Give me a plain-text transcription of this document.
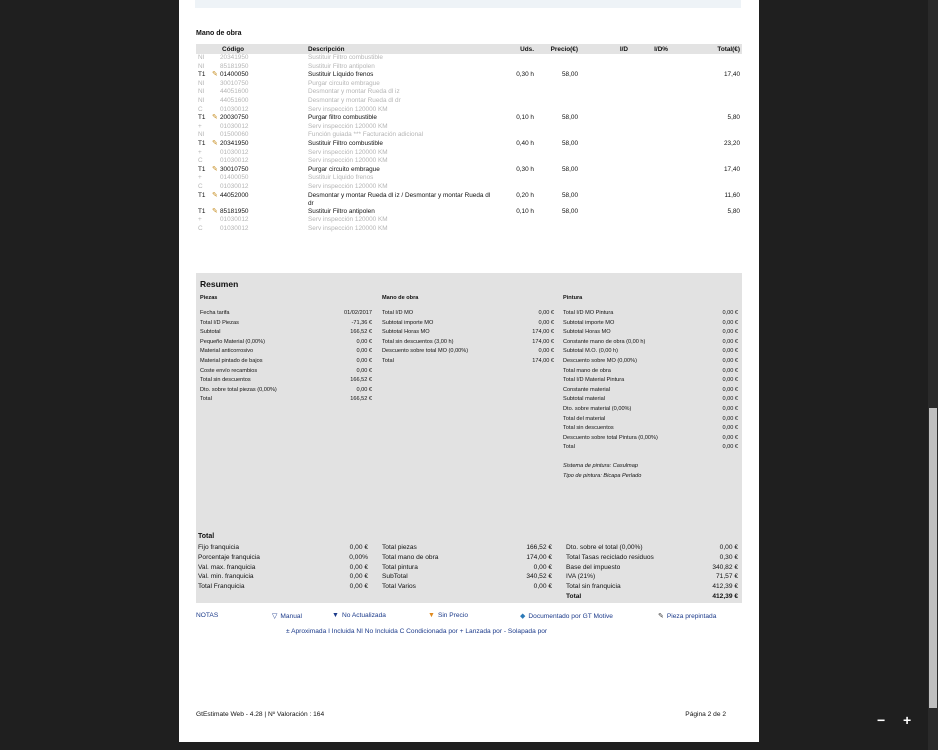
Mano de obra
	Código	Descripción	Uds.	Precio(€)	I/D	I/D%	Total(€)
NI	20341950	Sustituir Filtro combustible					
NI	85181950	Sustituir Filtro antipolen					
T1	✎ 01400050	Sustituir Líquido frenos	0,30 h	58,00			17,40
NI	30010750	Purgar circuito embrague					
NI	44051600	Desmontar y montar Rueda dl iz					
NI	44051600	Desmontar y montar Rueda dl dr					
C	01030012	Serv inspección 120000 KM					
T1	✎ 20030750	Purgar filtro combustible	0,10 h	58,00			5,80
+	01030012	Serv inspección 120000 KM					
NI	01500060	Función guiada *** Facturación adicional					
T1	✎ 20341950	Sustituir Filtro combustible	0,40 h	58,00			23,20
+	01030012	Serv inspección 120000 KM					
C	01030012	Serv inspección 120000 KM					
T1	✎ 30010750	Purgar circuito embrague	0,30 h	58,00			17,40
+	01400050	Sustituir Líquido frenos					
C	01030012	Serv inspección 120000 KM					
T1	✎ 44052000	Desmontar y montar Rueda dl iz / Desmontar y montar Rueda dl dr	0,20 h	58,00			11,60
T1	✎ 85181950	Sustituir Filtro antipolen	0,10 h	58,00			5,80
+	01030012	Serv inspección 120000 KM					
C	01030012	Serv inspección 120000 KM					
Resumen
Piezas
Fecha tarifa	01/02/2017
Total I/D Piezas	-71,36 €
Subtotal	166,52 €
Pequeño Material (0,00%)	0,00 €
Material anticorrosivo	0,00 €
Material pintado de bajos	0,00 €
Coste envío recambios	0,00 €
Total sin descuentos	166,52 €
Dto. sobre total piezas (0,00%)	0,00 €
Total	166,52 €
Mano de obra
Total I/D MO	0,00 €
Subtotal importe MO	0,00 €
Subtotal Horas MO	174,00 €
Total sin descuentos (3,00 h)	174,00 €
Descuento sobre total MO (0,00%)	0,00 €
Total	174,00 €
Pintura
Total I/D MO Pintura	0,00 €
Subtotal importe MO	0,00 €
Subtotal Horas MO	0,00 €
Constante mano de obra (0,00 h)	0,00 €
Subtotal M.O. (0,00 h)	0,00 €
Descuento sobre MO (0,00%)	0,00 €
Total mano de obra	0,00 €
Total I/D Material Pintura	0,00 €
Constante material	0,00 €
Subtotal material	0,00 €
Dto. sobre material (0,00%)	0,00 €
Total del material	0,00 €
Total sin descuentos	0,00 €
Descuento sobre total Pintura (0,00%)	0,00 €
Total	0,00 €
Sistema de pintura: Casulmap
Tipo de pintura: Bicapa Perlado
Total
Fijo franquicia	0,00 €
Porcentaje franquicia	0,00%
Val. max. franquicia	0,00 €
Val. min. franquicia	0,00 €
Total Franquicia	0,00 €
Total piezas	166,52 €
Total mano de obra	174,00 €
Total pintura	0,00 €
SubTotal	340,52 €
Total Varios	0,00 €
Dto. sobre el total (0,00%)	0,00 €
Total Tasas reciclado residuos	0,30 €
Base del impuesto	340,82 €
IVA (21%)	71,57 €
Total sin franquicia	412,39 €
Total	412,39 €
NOTAS	▽ Manual	▼ No Actualizada	▼ Sin Precio	◆ Documentado por GT Motive	✎ Pieza prepintada
± Aproximada I Incluida NI No Incluida C Condicionada por + Lanzada por - Solapada por
GtEstimate Web - 4.28 | Nº Valoración : 164	Página 2 de 2	− +
